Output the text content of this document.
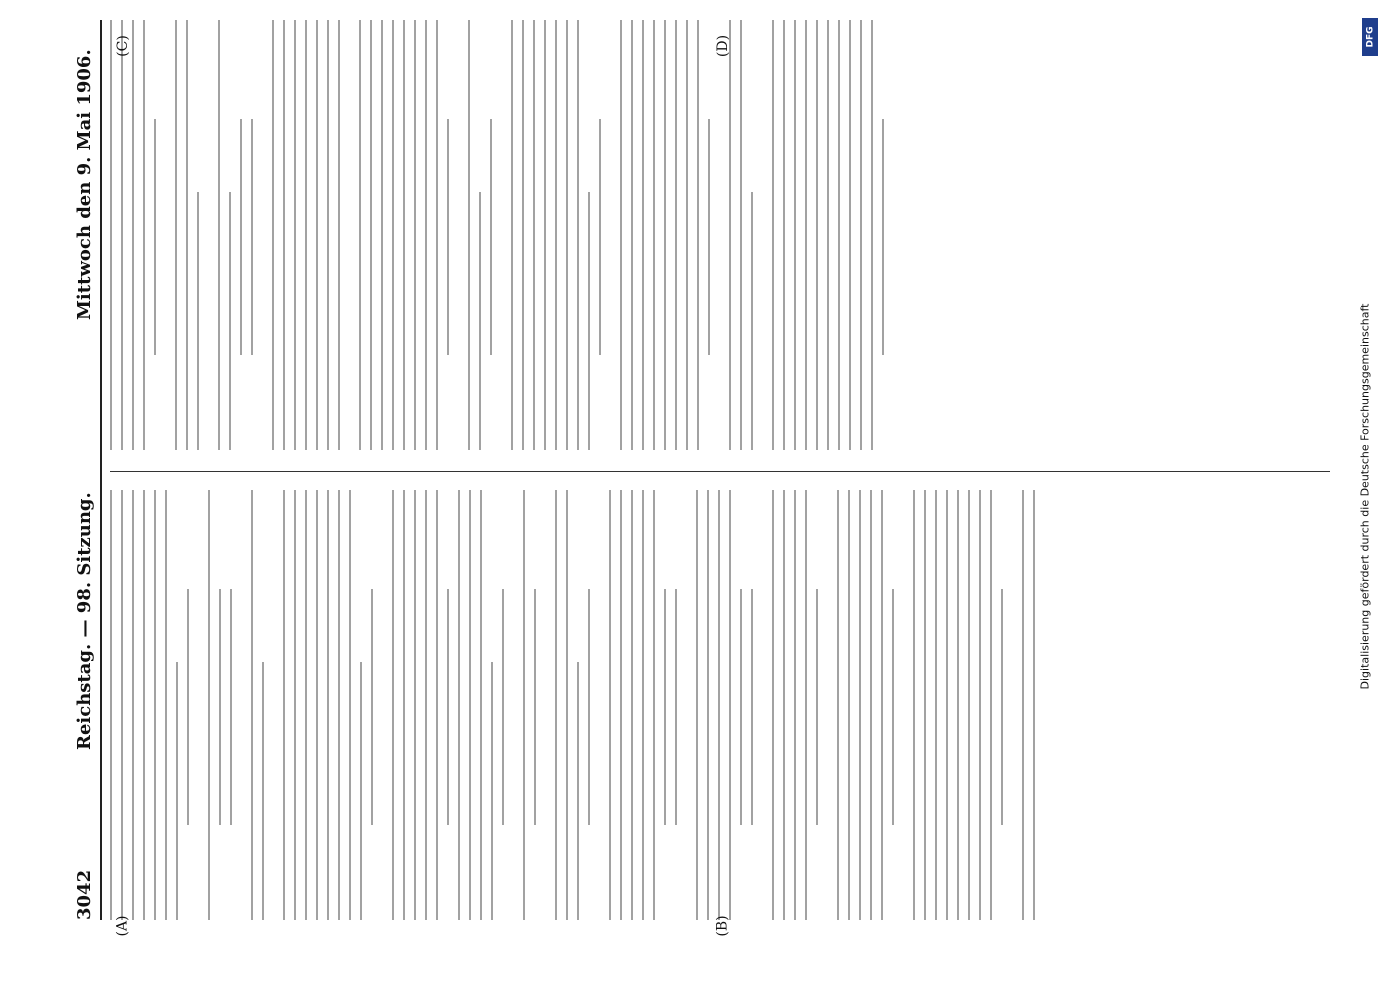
3042
Reichstag. — 98. Sitzung.
Mittwoch den 9. Mai 1906.
(A)	(B)
(C)	(D)
Digitalisierung gefördert durch die Deutsche Forschungsgemeinschaft
DFG
